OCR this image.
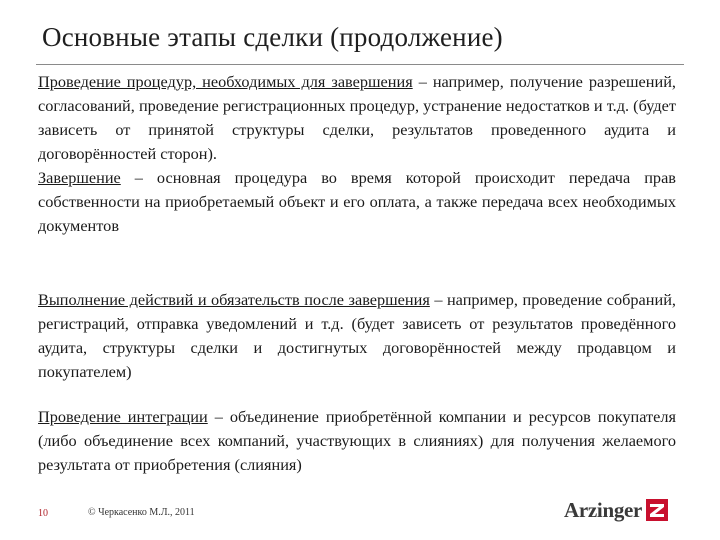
Основные этапы сделки (продолжение)
Проведение процедур, необходимых для завершения – например, получение разрешений, согласований, проведение регистрационных процедур, устранение недостатков и т.д. (будет зависеть от принятой структуры сделки, результатов проведенного аудита и договорённостей сторон).
Завершение – основная процедура во время которой происходит передача прав собственности на приобретаемый объект и его оплата, а также передача всех необходимых документов
Выполнение действий и обязательств после завершения – например, проведение собраний, регистраций, отправка уведомлений и т.д. (будет зависеть от результатов проведённого аудита, структуры сделки и достигнутых договорённостей между продавцом и покупателем)
Проведение интеграции – объединение приобретённой компании и ресурсов покупателя (либо объединение всех компаний, участвующих в слияниях) для получения желаемого результата от приобретения (слияния)
10	© Черкасенко М.Л., 2011	Arzinger
